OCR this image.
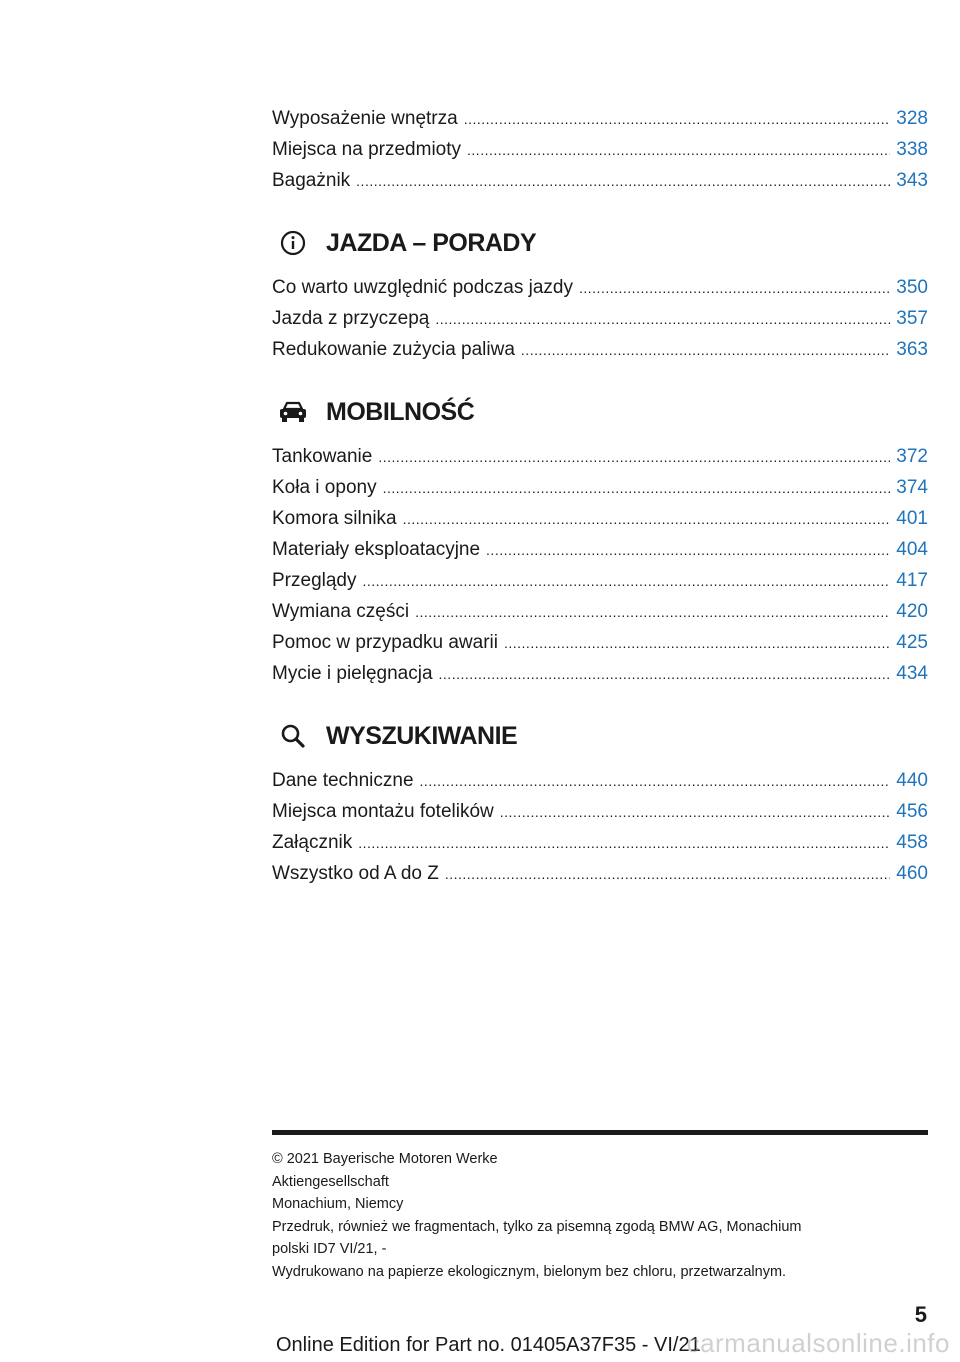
Wyposażenie wnętrza .....	328
Miejsca na przedmioty .....	338
Bagażnik .....	343
JAZDA – PORADY
Co warto uwzględnić podczas jazdy .....	350
Jazda z przyczepą .....	357
Redukowanie zużycia paliwa .....	363
MOBILNOŚĆ
Tankowanie .....	372
Koła i opony .....	374
Komora silnika .....	401
Materiały eksploatacyjne .....	404
Przeglądy .....	417
Wymiana części .....	420
Pomoc w przypadku awarii .....	425
Mycie i pielęgnacja .....	434
WYSZUKIWANIE
Dane techniczne .....	440
Miejsca montażu fotelików .....	456
Załącznik .....	458
Wszystko od A do Z .....	460
© 2021 Bayerische Motoren Werke
Aktiengesellschaft
Monachium, Niemcy
Przedruk, również we fragmentach, tylko za pisemną zgodą BMW AG, Monachium
polski ID7 VI/21, -
Wydrukowano na papierze ekologicznym, bielonym bez chloru, przetwarzalnym.
5
Online Edition for Part no. 01405A37F35 - VI/21
carmanualsonline.info
